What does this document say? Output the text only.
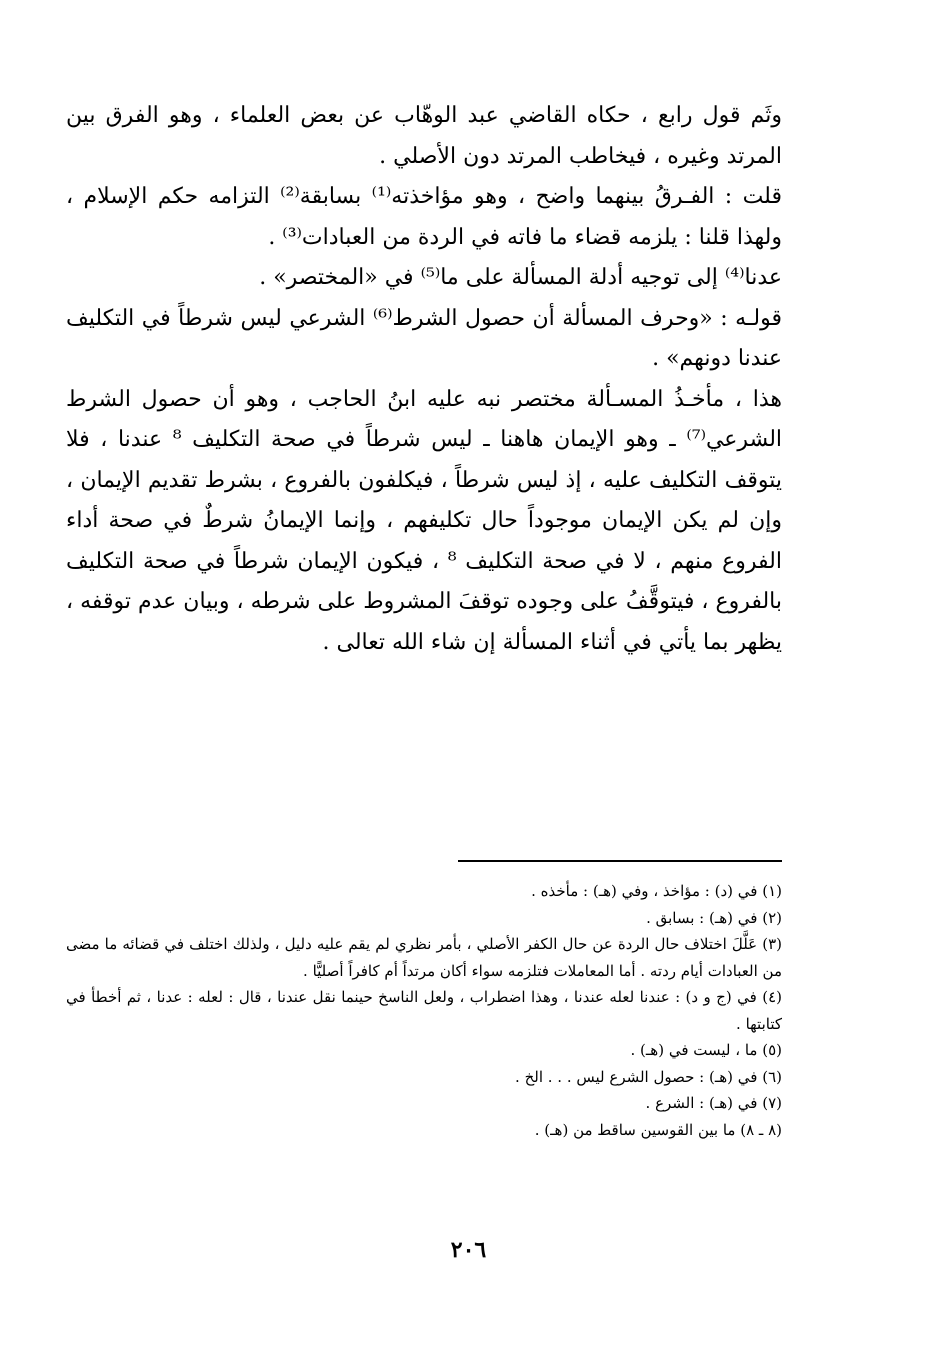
وثَم قول رابع ، حكاه القاضي عبد الوهّاب عن بعض العلماء ، وهو الفرق بين المرتد وغيره ، فيخاطب المرتد دون الأصلي .

قلت : الفـرقُ بينهما واضح ، وهو مؤاخذته⁽¹⁾ بسابقة⁽²⁾ التزامه حكم الإسلام ، ولهذا قلنا : يلزمه قضاء ما فاته في الردة من العبادات⁽³⁾ .

عدنا⁽⁴⁾ إلى توجيه أدلة المسألة على ما⁽⁵⁾ في «المختصر» .

قولـه : «وحرف المسألة أن حصول الشرط⁽⁶⁾ الشرعي ليس شرطاً في التكليف عندنا دونهم» .

هذا ، مأخـذُ المسـألة مختصر نبه عليه ابنُ الحاجب ، وهو أن حصول الشرط الشرعي⁽⁷⁾ ـ وهو الإيمان هاهنا ـ ليس شرطاً في صحة التكليف ⁸ عندنا ، فلا يتوقف التكليف عليه ، إذ ليس شرطاً ، فيكلفون بالفروع ، بشرط تقديم الإيمان ، وإن لم يكن الإيمان موجوداً حال تكليفهم ، وإنما الإيمانُ شرطٌ في صحة أداء الفروع منهم ، لا في صحة التكليف ⁸ ، فيكون الإيمان شرطاً في صحة التكليف بالفروع ، فيتوقَّفُ على وجوده توقفَ المشروط على شرطه ، وبيان عدم توقفه ، يظهر بما يأتي في أثناء المسألة إن شاء الله تعالى .

(١) في (د) : مؤاخذ ، وفي (هـ) : مأخذه .
(٢) في (هـ) : بسابق .
(٣) عَلَّلَ اختلاف حال الردة عن حال الكفر الأصلي ، بأمر نظري لم يقم عليه دليل ، ولذلك اختلف في قضائه ما مضى من العبادات أيام ردته . أما المعاملات فتلزمه سواء أكان مرتداً أم كافراً أصليًّا .
(٤) في (ج و د) : عندنا لعله عندنا ، وهذا اضطراب ، ولعل الناسخ حينما نقل عندنا ، قال : لعله : عدنا ، ثم أخطأ في كتابتها .
(٥) ما ، ليست في (هـ) .
(٦) في (هـ) : حصول الشرع ليس . . . الخ .
(٧) في (هـ) : الشرع .
(٨ ـ ٨) ما بين القوسين ساقط من (هـ) .
٢٠٦
